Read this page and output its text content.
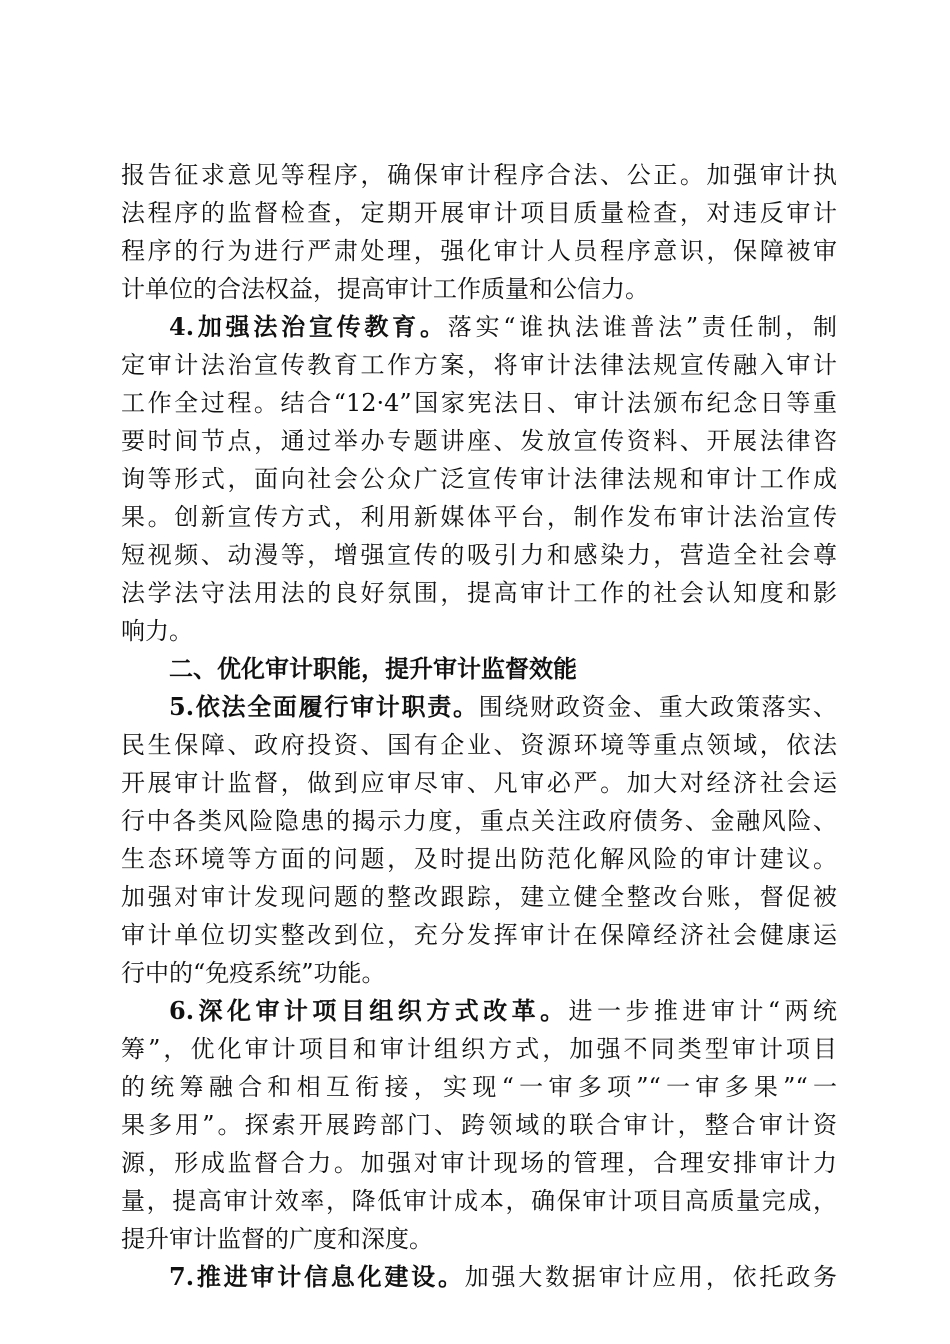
报告征求意见等程序，确保审计程序合法、公正。加强审计执
法程序的监督检查，定期开展审计项目质量检查，对违反审计
程序的行为进行严肃处理，强化审计人员程序意识，保障被审
计单位的合法权益，提高审计工作质量和公信力。
4.加强法治宣传教育。落实“谁执法谁普法”责任制，制
定审计法治宣传教育工作方案，将审计法律法规宣传融入审计
工作全过程。结合“12·4”国家宪法日、审计法颁布纪念日等重
要时间节点，通过举办专题讲座、发放宣传资料、开展法律咨
询等形式，面向社会公众广泛宣传审计法律法规和审计工作成
果。创新宣传方式，利用新媒体平台，制作发布审计法治宣传
短视频、动漫等，增强宣传的吸引力和感染力，营造全社会尊
法学法守法用法的良好氛围，提高审计工作的社会认知度和影
响力。
二、优化审计职能，提升审计监督效能
5.依法全面履行审计职责。围绕财政资金、重大政策落实、
民生保障、政府投资、国有企业、资源环境等重点领域，依法
开展审计监督，做到应审尽审、凡审必严。加大对经济社会运
行中各类风险隐患的揭示力度，重点关注政府债务、金融风险、
生态环境等方面的问题，及时提出防范化解风险的审计建议。
加强对审计发现问题的整改跟踪，建立健全整改台账，督促被
审计单位切实整改到位，充分发挥审计在保障经济社会健康运
行中的“免疫系统”功能。
6.深化审计项目组织方式改革。进一步推进审计“两统
筹”，优化审计项目和审计组织方式，加强不同类型审计项目
的统筹融合和相互衔接，实现“一审多项”“一审多果”“一
果多用”。探索开展跨部门、跨领域的联合审计，整合审计资
源，形成监督合力。加强对审计现场的管理，合理安排审计力
量，提高审计效率，降低审计成本，确保审计项目高质量完成，
提升审计监督的广度和深度。
7.推进审计信息化建设。加强大数据审计应用，依托政务
